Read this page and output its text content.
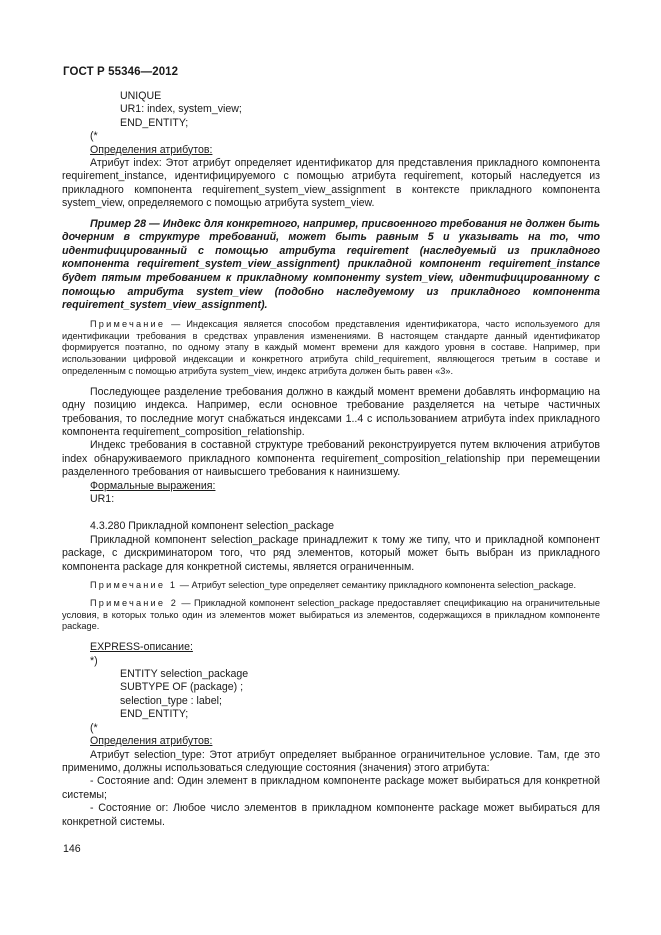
ГОСТ Р 55346—2012

UNIQUE

UR1: index, system_view;

END_ENTITY;

(*

Определения атрибутов:

Атрибут index: Этот атрибут определяет идентификатор для представления прикладного компонента requirement_instance, идентифицируемого с помощью атрибута requirement, который наследуется из прикладного компонента requirement_system_view_assignment в контексте прикладного компонента system_view, определяемого с помощью атрибута system_view.

Пример 28 — Индекс для конкретного, например, присвоенного требования не должен быть дочерним в структуре требований, может быть равным 5 и указывать на то, что идентифицированный с помощью атрибута requirement (наследуемый из прикладного компонента requirement_system_view_assignment) прикладной компонент requirement_instance будет пятым требованием к прикладному компоненту system_view, идентифицированному с помощью атрибута system_view (подобно наследуемому из прикладного компонента requirement_system_view_assignment).

Примечание — Индексация является способом представления идентификатора, часто используемого для идентификации требования в средствах управления изменениями. В настоящем стандарте данный идентификатор формируется поэтапно, по одному этапу в каждый момент времени для каждого уровня в составе. Например, при использовании цифровой индексации и конкретного атрибута child_requirement, являющегося третьим в составе и определенным с помощью атрибута system_view, индекс атрибута должен быть равен «3».

Последующее разделение требования должно в каждый момент времени добавлять информацию на одну позицию индекса. Например, если основное требование разделяется на четыре частичных требования, то последние могут снабжаться индексами 1..4 с использованием атрибута index прикладного компонента requirement_composition_relationship.

Индекс требования в составной структуре требований реконструируется путем включения атрибутов index обнаруживаемого прикладного компонента requirement_composition_relationship при перемещении разделенного требования от наивысшего требования к наинизшему.

Формальные выражения:

UR1:

4.3.280 Прикладной компонент selection_package

Прикладной компонент selection_package принадлежит к тому же типу, что и прикладной компонент package, с дискриминатором того, что ряд элементов, который может быть выбран из прикладного компонента package для конкретной системы, является ограниченным.

Примечание 1 — Атрибут selection_type определяет семантику прикладного компонента selection_package.

Примечание 2 — Прикладной компонент selection_package предоставляет спецификацию на ограничительные условия, в которых только один из элементов может выбираться из элементов, содержащихся в прикладном компоненте package.

EXPRESS-описание:

*)

ENTITY selection_package

SUBTYPE OF (package) ;

selection_type : label;

END_ENTITY;

(*

Определения атрибутов:

Атрибут selection_type: Этот атрибут определяет выбранное ограничительное условие. Там, где это применимо, должны использоваться следующие состояния (значения) этого атрибута:

- Состояние and: Один элемент в прикладном компоненте package может выбираться для конкретной системы;

- Состояние or: Любое число элементов в прикладном компоненте package может выбираться для конкретной системы.

146
